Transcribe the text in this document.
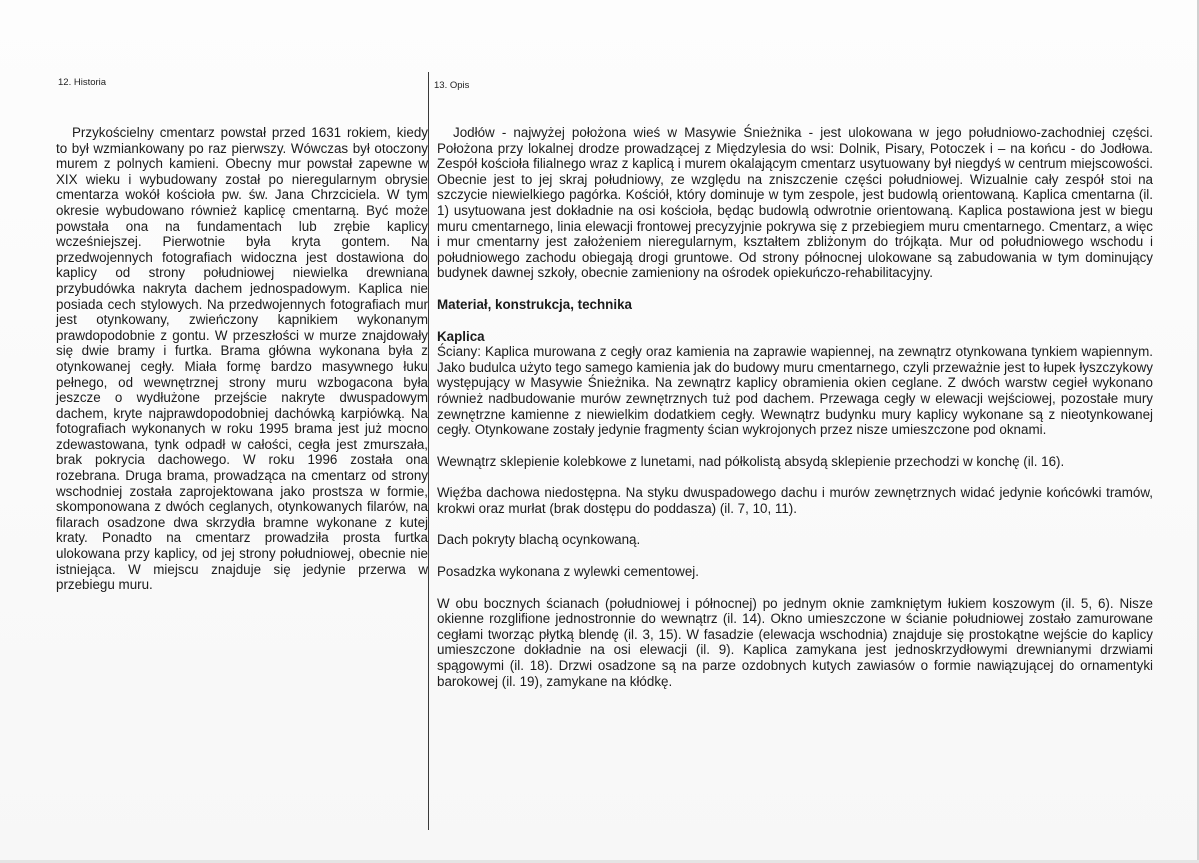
12. Historia	13. Opis

Przykościelny cmentarz powstał przed 1631 rokiem, kiedy to był wzmiankowany po raz pierwszy. Wówczas był otoczony murem z polnych kamieni. Obecny mur powstał zapewne w XIX wieku i wybudowany został po nieregularnym obrysie cmentarza wokół kościoła pw. św. Jana Chrzciciela. W tym okresie wybudowano również kaplicę cmentarną. Być może powstała ona na fundamentach lub zrębie kaplicy wcześniejszej. Pierwotnie była kryta gontem. Na przedwojennych fotografiach widoczna jest dostawiona do kaplicy od strony południowej niewielka drewniana przybudówka nakryta dachem jednospadowym. Kaplica nie posiada cech stylowych. Na przedwojennych fotografiach mur jest otynkowany, zwieńczony kapnikiem wykonanym prawdopodobnie z gontu. W przeszłości w murze znajdowały się dwie bramy i furtka. Brama główna wykonana była z otynkowanej cegły. Miała formę bardzo masywnego łuku pełnego, od wewnętrznej strony muru wzbogacona była jeszcze o wydłużone przejście nakryte dwuspadowym dachem, kryte najprawdopodobniej dachówką karpiówką. Na fotografiach wykonanych w roku 1995 brama jest już mocno zdewastowana, tynk odpadł w całości, cegła jest zmurszała, brak pokrycia dachowego. W roku 1996 została ona rozebrana. Druga brama, prowadząca na cmentarz od strony wschodniej została zaprojektowana jako prostsza w formie, skomponowana z dwóch ceglanych, otynkowanych filarów, na filarach osadzone dwa skrzydła bramne wykonane z kutej kraty. Ponadto na cmentarz prowadziła prosta furtka ulokowana przy kaplicy, od jej strony południowej, obecnie nie istniejąca. W miejscu znajduje się jedynie przerwa w przebiegu muru.

Jodłów - najwyżej położona wieś w Masywie Śnieżnika - jest ulokowana w jego południowo-zachodniej części. Położona przy lokalnej drodze prowadzącej z Międzylesia do wsi: Dolnik, Pisary, Potoczek i – na końcu - do Jodłowa. Zespół kościoła filialnego wraz z kaplicą i murem okalającym cmentarz usytuowany był niegdyś w centrum miejscowości. Obecnie jest to jej skraj południowy, ze względu na zniszczenie części południowej. Wizualnie cały zespół stoi na szczycie niewielkiego pagórka. Kościół, który dominuje w tym zespole, jest budowlą orientowaną. Kaplica cmentarna (il. 1) usytuowana jest dokładnie na osi kościoła, będąc budowlą odwrotnie orientowaną. Kaplica postawiona jest w biegu muru cmentarnego, linia elewacji frontowej precyzyjnie pokrywa się z przebiegiem muru cmentarnego. Cmentarz, a więc i mur cmentarny jest założeniem nieregularnym, kształtem zbliżonym do trójkąta. Mur od południowego wschodu i południowego zachodu obiegają drogi gruntowe. Od strony północnej ulokowane są zabudowania w tym dominujący budynek dawnej szkoły, obecnie zamieniony na ośrodek opiekuńczo-rehabilitacyjny.

Materiał, konstrukcja, technika

Kaplica

Ściany: Kaplica murowana z cegły oraz kamienia na zaprawie wapiennej, na zewnątrz otynkowana tynkiem wapiennym. Jako budulca użyto tego samego kamienia jak do budowy muru cmentarnego, czyli przeważnie jest to łupek łyszczykowy występujący w Masywie Śnieżnika. Na zewnątrz kaplicy obramienia okien ceglane. Z dwóch warstw cegieł wykonano również nadbudowanie murów zewnętrznych tuż pod dachem. Przewaga cegły w elewacji wejściowej, pozostałe mury zewnętrzne kamienne z niewielkim dodatkiem cegły. Wewnątrz budynku mury kaplicy wykonane są z nieotynkowanej cegły. Otynkowane zostały jedynie fragmenty ścian wykrojonych przez nisze umieszczone pod oknami.

Wewnątrz sklepienie kolebkowe z lunetami, nad półkolistą absydą sklepienie przechodzi w konchę (il. 16).

Więźba dachowa niedostępna. Na styku dwuspadowego dachu i murów zewnętrznych widać jedynie końcówki tramów, krokwi oraz murłat (brak dostępu do poddasza) (il. 7, 10, 11).

Dach pokryty blachą ocynkowaną.

Posadzka wykonana z wylewki cementowej.

W obu bocznych ścianach (południowej i północnej) po jednym oknie zamkniętym łukiem koszowym (il. 5, 6). Nisze okienne rozglifione jednostronnie do wewnątrz (il. 14). Okno umieszczone w ścianie południowej zostało zamurowane cegłami tworząc płytką blendę (il. 3, 15). W fasadzie (elewacja wschodnia) znajduje się prostokątne wejście do kaplicy umieszczone dokładnie na osi elewacji (il. 9). Kaplica zamykana jest jednoskrzydłowymi drewnianymi drzwiami spągowymi (il. 18). Drzwi osadzone są na parze ozdobnych kutych zawiasów o formie nawiązującej do ornamentyki barokowej (il. 19), zamykane na kłódkę.
